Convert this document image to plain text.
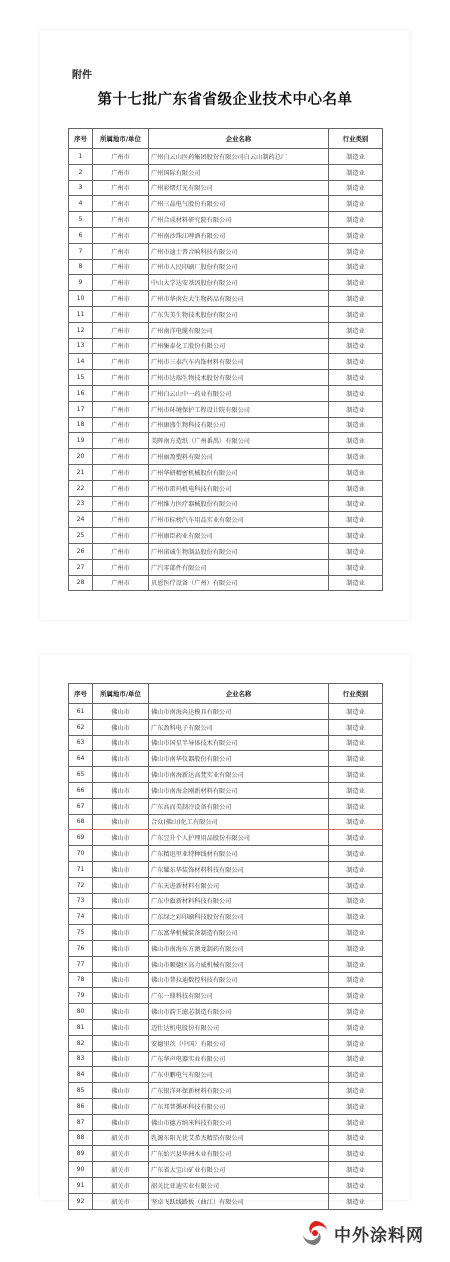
附件
第十七批广东省省级企业技术中心名单
序号	所属地市/单位	企业名称	行业类别
1	广州市	广州白云山医药集团股份有限公司白云山制药总厂	制造业
2	广州市	广州国际有限公司	制造业
3	广州市	广州彩熠灯光有限公司	制造业
4	广州市	广州三晶电气股份有限公司	制造业
5	广州市	广州合成材料研究院有限公司	制造业
6	广州市	广州南沙珠江啤酒有限公司	制造业
7	广州市	广州市迪士普音响科技有限公司	制造业
8	广州市	广州市人民印刷厂股份有限公司	制造业
9	广州市	中山大学达安基因股份有限公司	制造业
10	广州市	广州市华南农大生物药品有限公司	制造业
11	广州市	广东失美生物技术股份有限公司	制造业
12	广州市	广州南洋电缆有限公司	制造业
13	广州市	广州集泰化工股份有限公司	制造业
14	广州市	广州市三泰汽车内饰材料有限公司	制造业
15	广州市	广州市达瑞生物技术股份有限公司	制造业
16	广州市	广州白云山中一药业有限公司	制造业
17	广州市	广州市环境保护工程设计院有限公司	制造业
18	广州市	广州康盛生物科技有限公司	制造业
19	广州市	美晖南方造纸（广州番禺）有限公司	制造业
20	广州市	广州丽盈塑料有限公司	制造业
21	广州市	广州华研精密机械股份有限公司	制造业
22	广州市	广州市雷玛机电科技有限公司	制造业
23	广州市	广州维力医疗器械股份有限公司	制造业
24	广州市	广州市标榜汽车用品实业有限公司	制造业
25	广州市	广州康臣药业有限公司	制造业
26	广州市	广州诺诚生物制品股份有限公司	制造业
27	广州市	广汽零部件有限公司	制造业
28	广州市	贝恩医疗设备（广州）有限公司	制造业
序号	所属地市/单位	企业名称	行业类别
61	佛山市	佛山市南海奔达模具有限公司	制造业
62	佛山市	广东盈科电子有限公司	制造业
63	佛山市	佛山市国星半导体技术有限公司	制造业
64	佛山市	佛山市南华仪器股份有限公司	制造业
65	佛山市	佛山市南海新达高梵实业有限公司	制造业
66	佛山市	佛山市南海金刚新材料有限公司	制造业
67	佛山市	广东高而美制冷设备有限公司	制造业
68	佛山市	合众(佛山)化工有限公司	制造业
69	佛山市	广东昱升个人护理用品股份有限公司	制造业
70	佛山市	广东精迅里亚特种线材有限公司	制造业
71	佛山市	广东耀东华装饰材料科技有限公司	制造业
72	佛山市	广东天进新材料有限公司	制造业
73	佛山市	广东中旗新材料科技有限公司	制造业
74	佛山市	广东绿之彩印刷科技股份有限公司	制造业
75	佛山市	广东富华机械装备制造有限公司	制造业
76	佛山市	佛山市南海东方澳龙制药有限公司	制造业
77	佛山市	佛山市顺德区高力威机械有限公司	制造业
78	佛山市	佛山市普拉迪数控科技有限公司	制造业
79	佛山市	广东一鼎科技有限公司	制造业
80	佛山市	佛山市韵王滤芯制造有限公司	制造业
81	佛山市	迈仕达机电股份有限公司	制造业
82	佛山市	安德里茨（中国）有限公司	制造业
83	佛山市	广东华声电器实业有限公司	制造业
84	佛山市	广东中鹏电气有限公司	制造业
85	佛山市	广东银洋环保新材料有限公司	制造业
86	佛山市	广东邦普循环科技有限公司	制造业
87	佛山市	佛山市德方纳米科技有限公司	制造业
88	韶关市	乳源东阳光优艾希杰精箔有限公司	制造业
89	韶关市	广东始兴县华洲木业有限公司	制造业
90	韶关市	广东省大宝山矿业有限公司	制造业
91	韶关市	韶关比亚迪实业有限公司	制造业
92	韶关市	坚卓飞跃线路板（曲江）有限公司	制造业
中外涂料网
